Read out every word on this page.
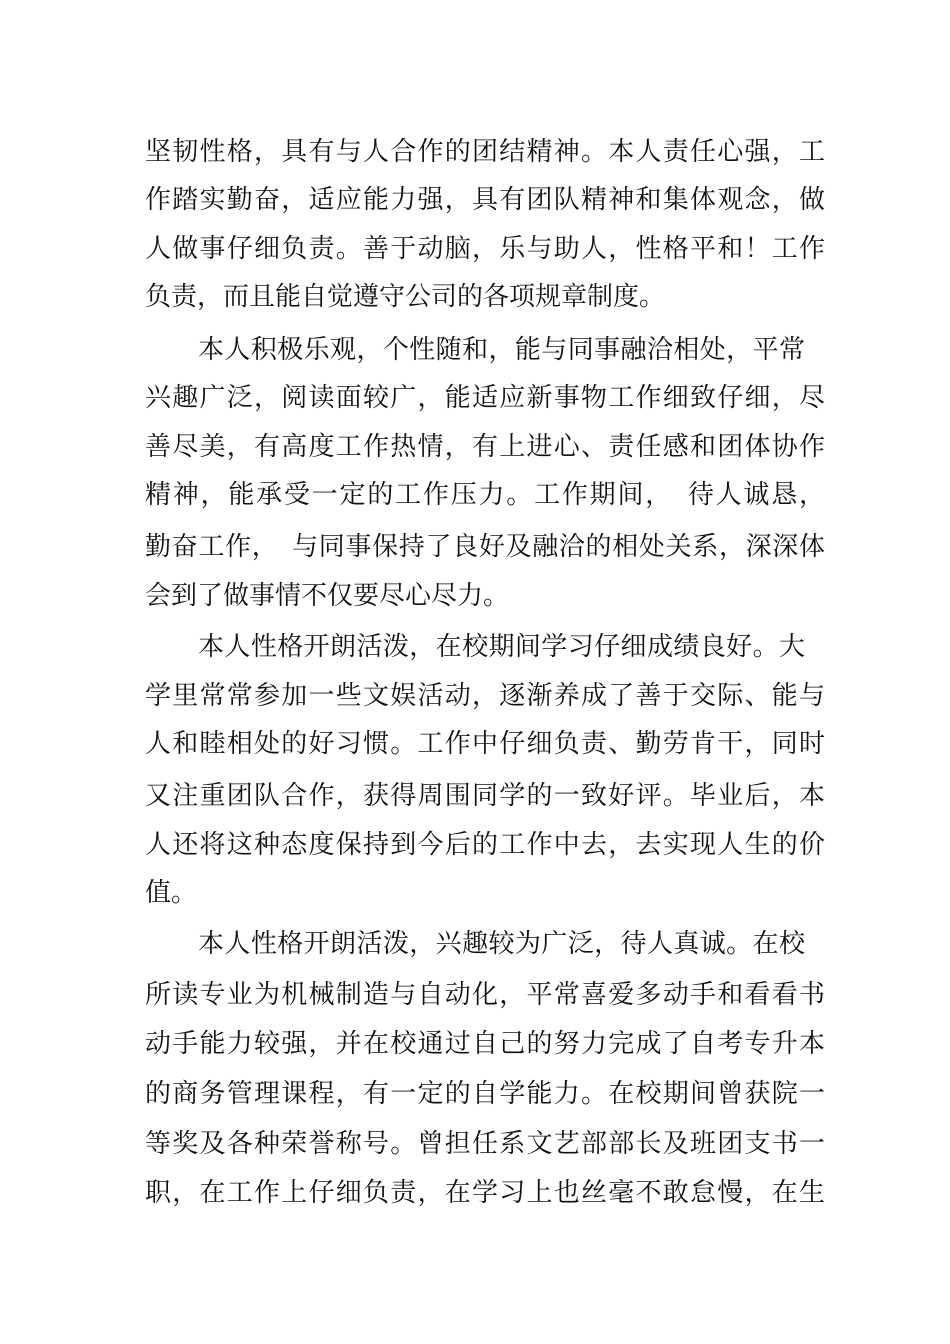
坚韧性格，具有与人合作的团结精神。本人责任心强，工
作踏实勤奋，适应能力强，具有团队精神和集体观念，做
人做事仔细负责。善于动脑，乐与助人，性格平和！工作
负责，而且能自觉遵守公司的各项规章制度。
本人积极乐观，个性随和，能与同事融洽相处，平常
兴趣广泛，阅读面较广，能适应新事物工作细致仔细，尽
善尽美，有高度工作热情，有上进心、责任感和团体协作
精神，能承受一定的工作压力。工作期间，　待人诚恳，
勤奋工作，　与同事保持了良好及融洽的相处关系，深深体
会到了做事情不仅要尽心尽力。
本人性格开朗活泼，在校期间学习仔细成绩良好。大
学里常常参加一些文娱活动，逐渐养成了善于交际、能与
人和睦相处的好习惯。工作中仔细负责、勤劳肯干，同时
又注重团队合作，获得周围同学的一致好评。毕业后，本
人还将这种态度保持到今后的工作中去，去实现人生的价
值。
本人性格开朗活泼，兴趣较为广泛，待人真诚。在校
所读专业为机械制造与自动化，平常喜爱多动手和看看书
动手能力较强，并在校通过自己的努力完成了自考专升本
的商务管理课程，有一定的自学能力。在校期间曾获院一
等奖及各种荣誉称号。曾担任系文艺部部长及班团支书一
职，在工作上仔细负责，在学习上也丝毫不敢怠慢，在生
